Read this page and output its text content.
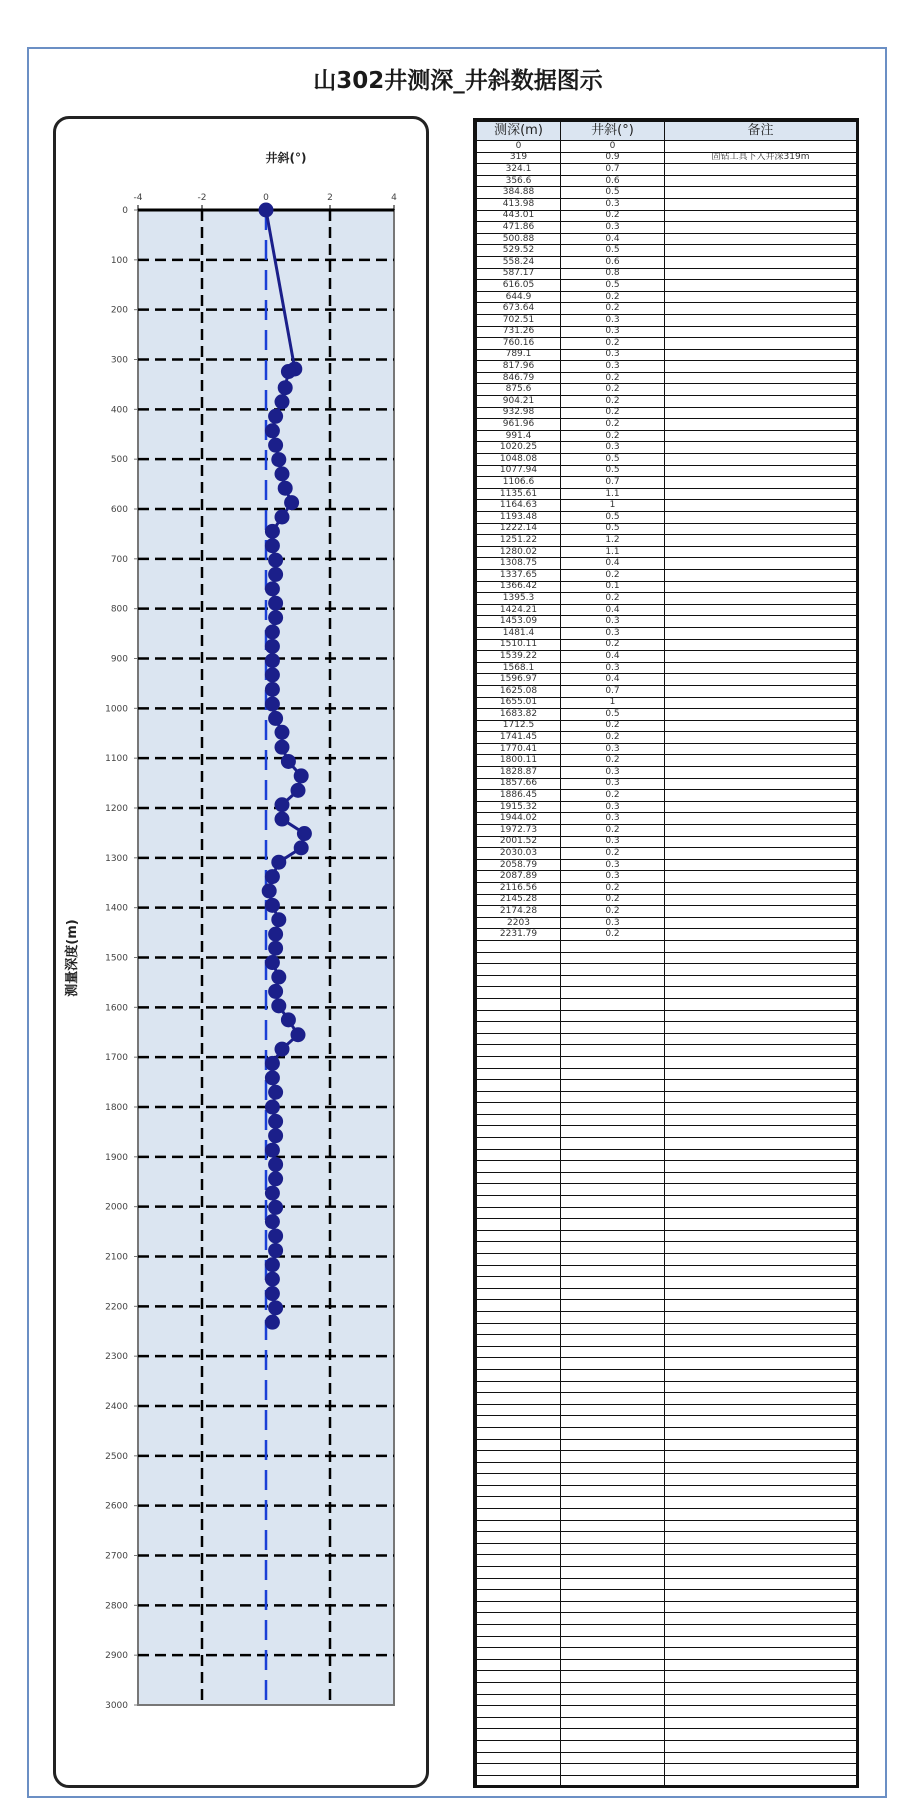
山302井测深_井斜数据图示
-4	-2	0	2	4
0
100
200
300
400
500
600
700
800
900
1000
1100
1200
1300
1400
1500
1600
1700
1800
1900
2000
2100
2200
2300
2400
2500
2600
2700
2800
2900
3000
井斜(°)
测量深度(m)
测深(m)	井斜(°)	备注
0	0	
319	0.9	固钻工具下入井深319m
324.1	0.7	
356.6	0.6	
384.88	0.5	
413.98	0.3	
443.01	0.2	
471.86	0.3	
500.88	0.4	
529.52	0.5	
558.24	0.6	
587.17	0.8	
616.05	0.5	
644.9	0.2	
673.64	0.2	
702.51	0.3	
731.26	0.3	
760.16	0.2	
789.1	0.3	
817.96	0.3	
846.79	0.2	
875.6	0.2	
904.21	0.2	
932.98	0.2	
961.96	0.2	
991.4	0.2	
1020.25	0.3	
1048.08	0.5	
1077.94	0.5	
1106.6	0.7	
1135.61	1.1	
1164.63	1	
1193.48	0.5	
1222.14	0.5	
1251.22	1.2	
1280.02	1.1	
1308.75	0.4	
1337.65	0.2	
1366.42	0.1	
1395.3	0.2	
1424.21	0.4	
1453.09	0.3	
1481.4	0.3	
1510.11	0.2	
1539.22	0.4	
1568.1	0.3	
1596.97	0.4	
1625.08	0.7	
1655.01	1	
1683.82	0.5	
1712.5	0.2	
1741.45	0.2	
1770.41	0.3	
1800.11	0.2	
1828.87	0.3	
1857.66	0.3	
1886.45	0.2	
1915.32	0.3	
1944.02	0.3	
1972.73	0.2	
2001.52	0.3	
2030.03	0.2	
2058.79	0.3	
2087.89	0.3	
2116.56	0.2	
2145.28	0.2	
2174.28	0.2	
2203	0.3	
2231.79	0.2	
